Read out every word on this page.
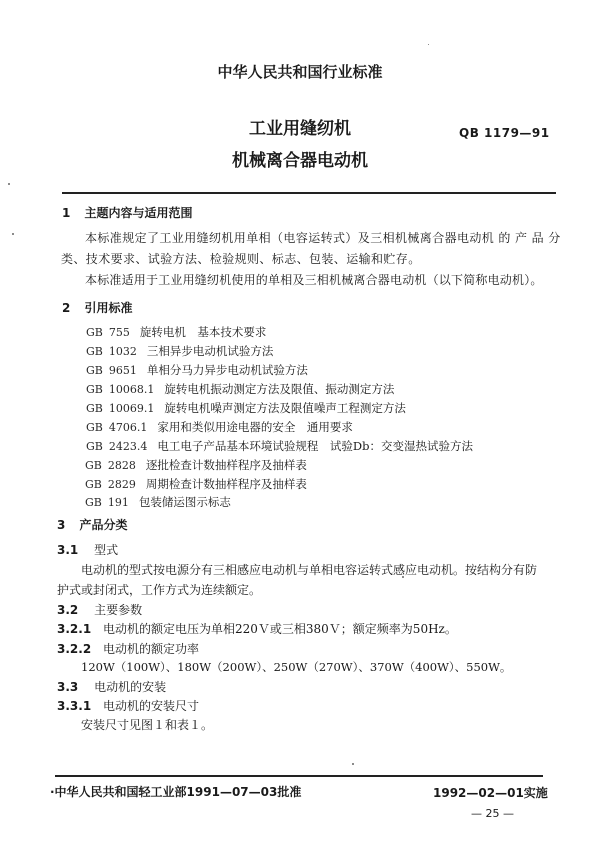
中华人民共和国行业标准
工业用缝纫机	QB 1179—91
机械离合器电动机
1 主题内容与适用范围
本标准规定了工业用缝纫机用单相（电容运转式）及三相机械离合器电动机 的 产 品 分
类、技术要求、试验方法、检验规则、标志、包装、运输和贮存。
本标准适用于工业用缝纫机使用的单相及三相机械离合器电动机（以下简称电动机）。
2 引用标准
GB 755 旋转电机　基本技术要求
GB 1032 三相异步电动机试验方法
GB 9651 单相分马力异步电动机试验方法
GB 10068.1 旋转电机振动测定方法及限值、振动测定方法
GB 10069.1 旋转电机噪声测定方法及限值噪声工程测定方法
GB 4706.1 家用和类似用途电器的安全　通用要求
GB 2423.4 电工电子产品基本环境试验规程　试验Db：交变湿热试验方法
GB 2828 逐批检查计数抽样程序及抽样表
GB 2829 周期检查计数抽样程序及抽样表
GB 191 包装储运图示标志
3 产品分类
3.1 型式
电动机的型式按电源分有三相感应电动机与单相电容运转式感应电动机。按结构分有防
护式或封闭式，工作方式为连续额定。
3.2 主要参数
3.2.1 电动机的额定电压为单相220Ｖ或三相380Ｖ；额定频率为50Hz。
3.2.2 电动机的额定功率
120W（100W）、180W（200W）、250W（270W）、370W（400W）、550W。
3.3 电动机的安装
3.3.1 电动机的安装尺寸
安装尺寸见图１和表１。
·中华人民共和国轻工业部1991—07—03批准	1992—02—01实施
— 25 —
